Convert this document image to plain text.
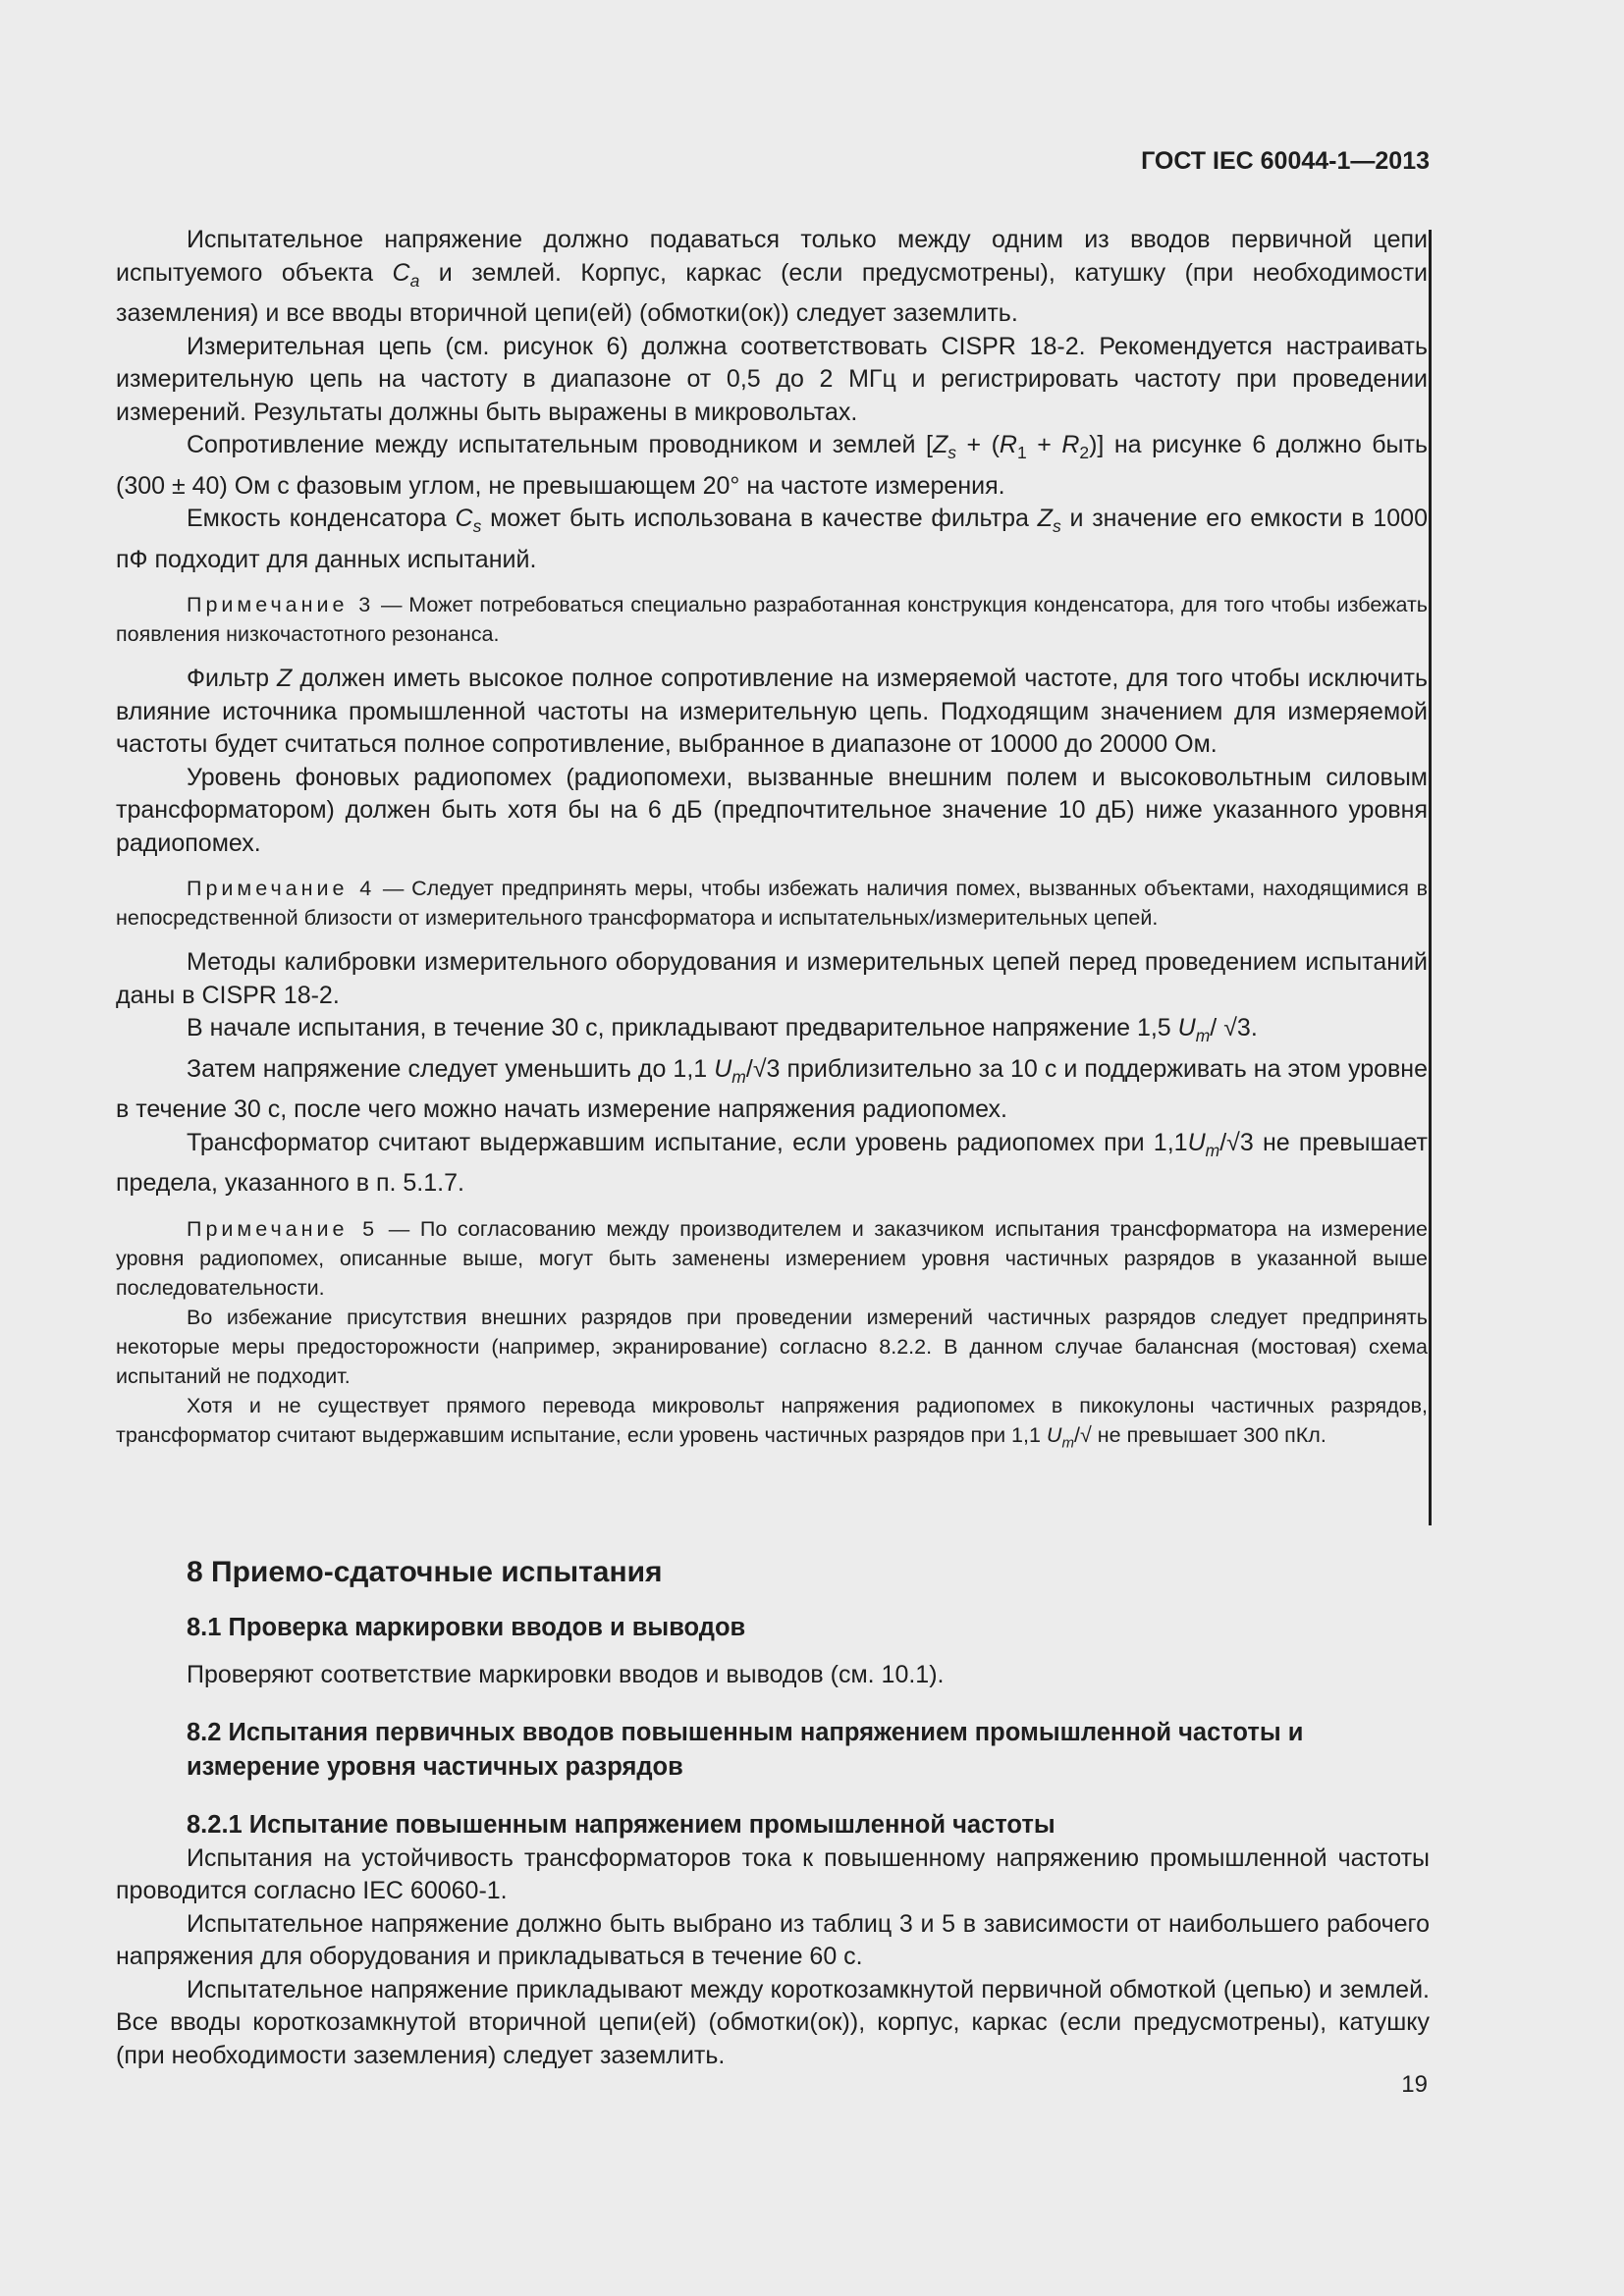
ГОСТ IEC 60044-1—2013

Испытательное напряжение должно подаваться только между одним из вводов первичной цепи испытуемого объекта $C_a$ и землей. Корпус, каркас (если предусмотрены), катушку (при необходимости заземления) и все вводы вторичной цепи(ей) (обмотки(ок)) следует заземлить.

Измерительная цепь (см. рисунок 6) должна соответствовать CISPR 18-2. Рекомендуется настраивать измерительную цепь на частоту в диапазоне от 0,5 до 2 МГц и регистрировать частоту при проведении измерений. Результаты должны быть выражены в микровольтах.

Сопротивление между испытательным проводником и землей $[Z_s + (R_1 + R_2)]$ на рисунке 6 должно быть (300 ± 40) Ом с фазовым углом, не превышающем 20° на частоте измерения.

Емкость конденсатора $C_s$ может быть использована в качестве фильтра $Z_s$ и значение его емкости в 1000 пФ подходит для данных испытаний.

Примечание 3 — Может потребоваться специально разработанная конструкция конденсатора, для того чтобы избежать появления низкочастотного резонанса.

Фильтр Z должен иметь высокое полное сопротивление на измеряемой частоте, для того чтобы исключить влияние источника промышленной частоты на измерительную цепь. Подходящим значением для измеряемой частоты будет считаться полное сопротивление, выбранное в диапазоне от 10000 до 20000 Ом.

Уровень фоновых радиопомех (радиопомехи, вызванные внешним полем и высоковольтным силовым трансформатором) должен быть хотя бы на 6 дБ (предпочтительное значение 10 дБ) ниже указанного уровня радиопомех.

Примечание 4 — Следует предпринять меры, чтобы избежать наличия помех, вызванных объектами, находящимися в непосредственной близости от измерительного трансформатора и испытательных/измерительных цепей.

Методы калибровки измерительного оборудования и измерительных цепей перед проведением испытаний даны в CISPR 18-2.

В начале испытания, в течение 30 с, прикладывают предварительное напряжение 1,5 $U_m/$ √3.

Затем напряжение следует уменьшить до 1,1 $U_m/√3$ приблизительно за 10 с и поддерживать на этом уровне в течение 30 с, после чего можно начать измерение напряжения радиопомех.

Трансформатор считают выдержавшим испытание, если уровень радиопомех при $1,1U_m/√3$ не превышает предела, указанного в п. 5.1.7.

Примечание 5 — По согласованию между производителем и заказчиком испытания трансформатора на измерение уровня радиопомех, описанные выше, могут быть заменены измерением уровня частичных разрядов в указанной выше последовательности.

Во избежание присутствия внешних разрядов при проведении измерений частичных разрядов следует предпринять некоторые меры предосторожности (например, экранирование) согласно 8.2.2. В данном случае балансная (мостовая) схема испытаний не подходит.

Хотя и не существует прямого перевода микровольт напряжения радиопомех в пикокулоны частичных разрядов, трансформатор считают выдержавшим испытание, если уровень частичных разрядов при 1,1 $U_m/√$ не превышает 300 пКл.

8 Приемо-сдаточные испытания
8.1 Проверка маркировки вводов и выводов

Проверяют соответствие маркировки вводов и выводов (см. 10.1).

8.2 Испытания первичных вводов повышенным напряжением промышленной частоты и измерение уровня частичных разрядов
8.2.1 Испытание повышенным напряжением промышленной частоты

Испытания на устойчивость трансформаторов тока к повышенному напряжению промышленной частоты проводится согласно IEC 60060-1.

Испытательное напряжение должно быть выбрано из таблиц 3 и 5 в зависимости от наибольшего рабочего напряжения для оборудования и прикладываться в течение 60 с.

Испытательное напряжение прикладывают между короткозамкнутой первичной обмоткой (цепью) и землей. Все вводы короткозамкнутой вторичной цепи(ей) (обмотки(ок)), корпус, каркас (если предусмотрены), катушку (при необходимости заземления) следует заземлить.

19
